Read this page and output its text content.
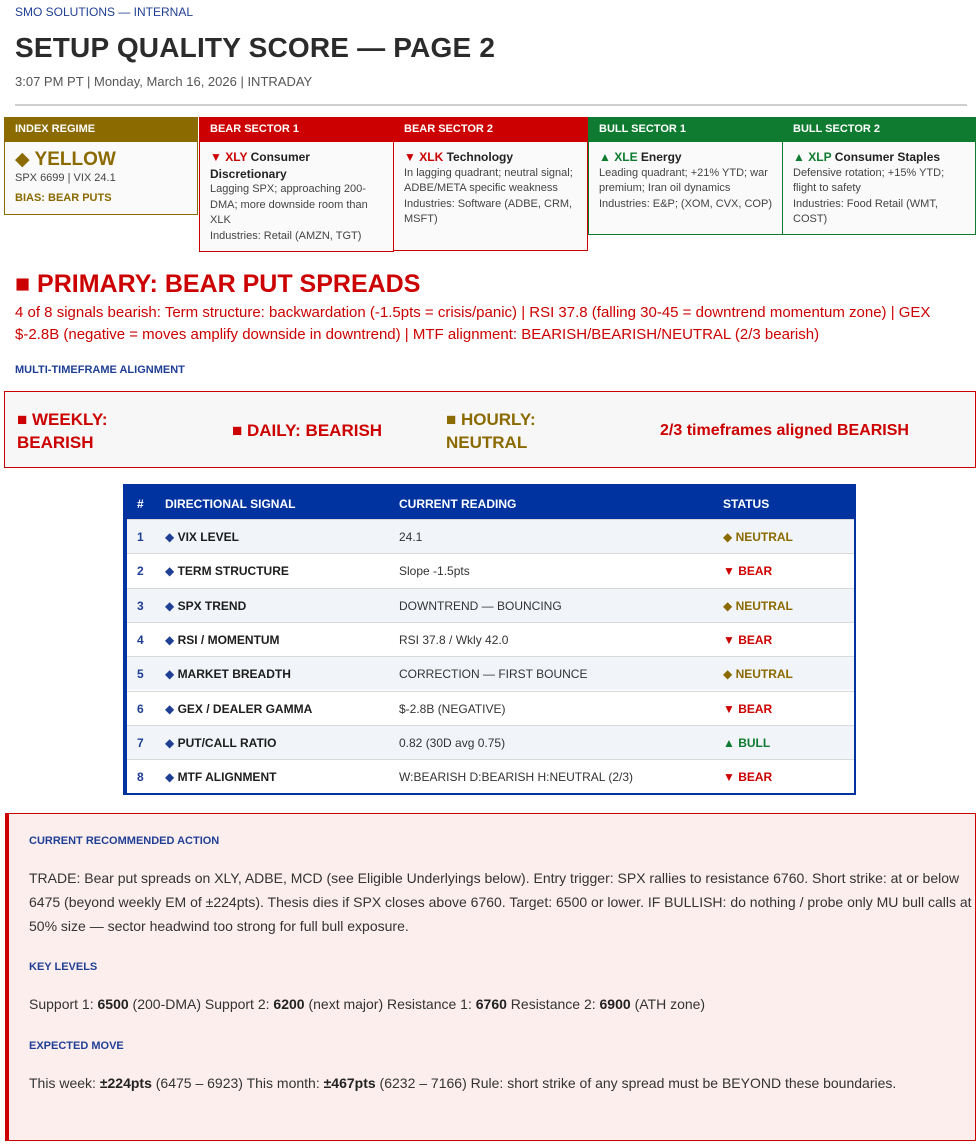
SMO SOLUTIONS — INTERNAL
SETUP QUALITY SCORE — PAGE 2
3:07 PM PT | Monday, March 16, 2026 | INTRADAY
INDEX REGIME
◆ YELLOW
SPX 6699 | VIX 24.1
BIAS: BEAR PUTS
BEAR SECTOR 1
▼ XLY Consumer Discretionary
Lagging SPX; approaching 200-DMA; more downside room than XLK
Industries: Retail (AMZN, TGT)
BEAR SECTOR 2
▼ XLK Technology
In lagging quadrant; neutral signal; ADBE/META specific weakness
Industries: Software (ADBE, CRM, MSFT)
BULL SECTOR 1
▲ XLE Energy
Leading quadrant; +21% YTD; war premium; Iran oil dynamics
Industries: E&P; (XOM, CVX, COP)
BULL SECTOR 2
▲ XLP Consumer Staples
Defensive rotation; +15% YTD; flight to safety
Industries: Food Retail (WMT, COST)
■ PRIMARY: BEAR PUT SPREADS
4 of 8 signals bearish: Term structure: backwardation (-1.5pts = crisis/panic) | RSI 37.8 (falling 30-45 = downtrend momentum zone) | GEX $-2.8B (negative = moves amplify downside in downtrend) | MTF alignment: BEARISH/BEARISH/NEUTRAL (2/3 bearish)
MULTI-TIMEFRAME ALIGNMENT
■ WEEKLY:
BEARISH
■ DAILY: BEARISH
■ HOURLY:
NEUTRAL
2/3 timeframes aligned BEARISH
# DIRECTIONAL SIGNAL	CURRENT READING	STATUS
1 ◆ VIX LEVEL	24.1	◆ NEUTRAL
2 ◆ TERM STRUCTURE	Slope -1.5pts	▼ BEAR
3 ◆ SPX TREND	DOWNTREND — BOUNCING	◆ NEUTRAL
4 ◆ RSI / MOMENTUM	RSI 37.8 / Wkly 42.0	▼ BEAR
5 ◆ MARKET BREADTH	CORRECTION — FIRST BOUNCE	◆ NEUTRAL
6 ◆ GEX / DEALER GAMMA	$-2.8B (NEGATIVE)	▼ BEAR
7 ◆ PUT/CALL RATIO	0.82 (30D avg 0.75)	▲ BULL
8 ◆ MTF ALIGNMENT	W:BEARISH D:BEARISH H:NEUTRAL (2/3)	▼ BEAR
CURRENT RECOMMENDED ACTION
TRADE: Bear put spreads on XLY, ADBE, MCD (see Eligible Underlyings below). Entry trigger: SPX rallies to resistance 6760. Short strike: at or below 6475 (beyond weekly EM of ±224pts). Thesis dies if SPX closes above 6760. Target: 6500 or lower. IF BULLISH: do nothing / probe only MU bull calls at 50% size — sector headwind too strong for full bull exposure.
KEY LEVELS
Support 1: 6500 (200-DMA) Support 2: 6200 (next major) Resistance 1: 6760 Resistance 2: 6900 (ATH zone)
EXPECTED MOVE
This week: ±224pts (6475 – 6923) This month: ±467pts (6232 – 7166) Rule: short strike of any spread must be BEYOND these boundaries.
